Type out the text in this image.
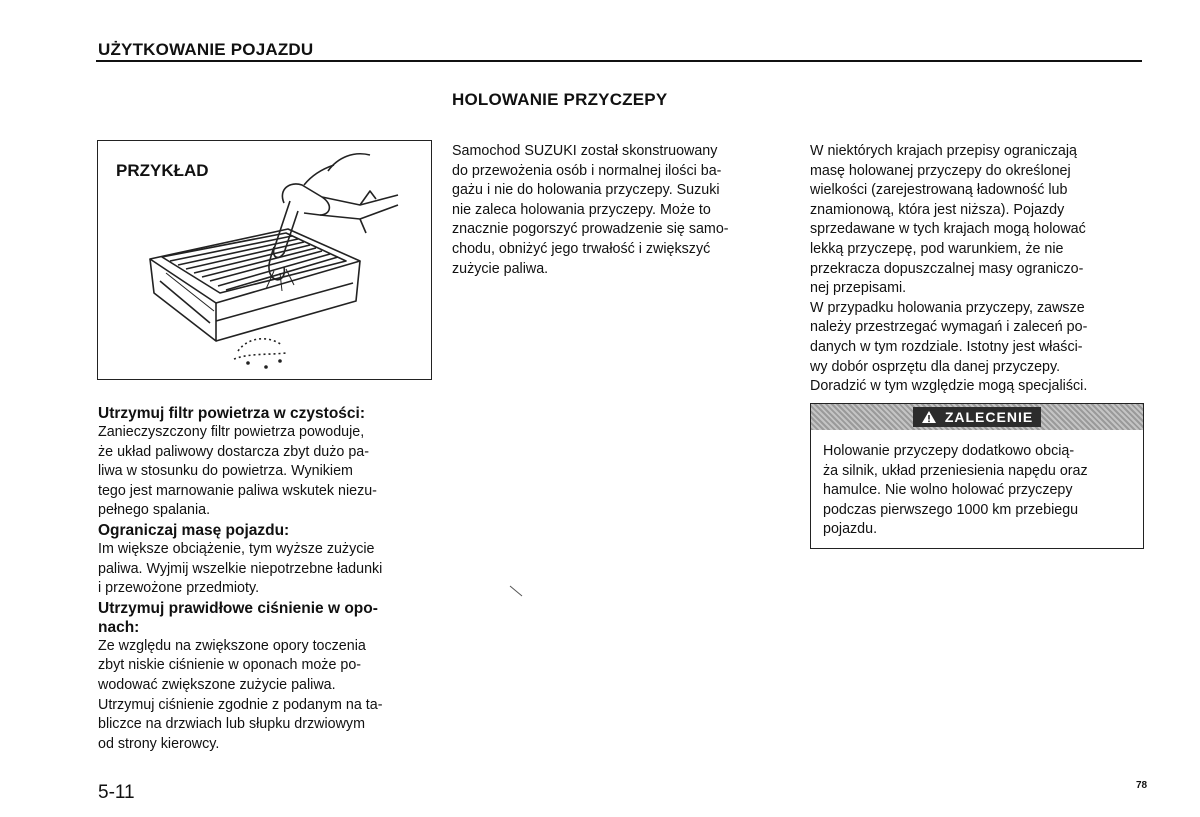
UŻYTKOWANIE POJAZDU
HOLOWANIE PRZYCZEPY
PRZYKŁAD

Utrzymuj filtr powietrza w czystości:

Zanieczyszczony filtr powietrza powoduje,

że układ paliwowy dostarcza zbyt dużo pa-

liwa w stosunku do powietrza. Wynikiem

tego jest marnowanie paliwa wskutek niezu-

pełnego spalania.

Ograniczaj masę pojazdu:

Im większe obciążenie, tym wyższe zużycie

paliwa. Wyjmij wszelkie niepotrzebne ładunki

i przewożone przedmioty.

Utrzymuj prawidłowe ciśnienie w opo-

nach:

Ze względu na zwiększone opory toczenia

zbyt niskie ciśnienie w oponach może po-

wodować zwiększone zużycie paliwa.

Utrzymuj ciśnienie zgodnie z podanym na ta-

bliczce na drzwiach lub słupku drzwiowym

od strony kierowcy.

Samochod SUZUKI został skonstruowany

do przewożenia osób i normalnej ilości ba-

gażu i nie do holowania przyczepy. Suzuki

nie zaleca holowania przyczepy. Może to

znacznie pogorszyć prowadzenie się samo-

chodu, obniżyć jego trwałość i zwiększyć

zużycie paliwa.

W niektórych krajach przepisy ograniczają

masę holowanej przyczepy do określonej

wielkości (zarejestrowaną ładowność lub

znamionową, która jest niższa). Pojazdy

sprzedawane w tych krajach mogą holować

lekką przyczepę, pod warunkiem, że nie

przekracza dopuszczalnej masy ograniczo-

nej przepisami.

W przypadku holowania przyczepy, zawsze

należy przestrzegać wymagań i zaleceń po-

danych w tym rozdziale. Istotny jest właści-

wy dobór osprzętu dla danej przyczepy.

Doradzić w tym względzie mogą specjaliści.

ZALECENIE

Holowanie przyczepy dodatkowo obcią-

ża silnik, układ przeniesienia napędu oraz

hamulce. Nie wolno holować przyczepy

podczas pierwszego 1000 km przebiegu

pojazdu.

5-11	78
